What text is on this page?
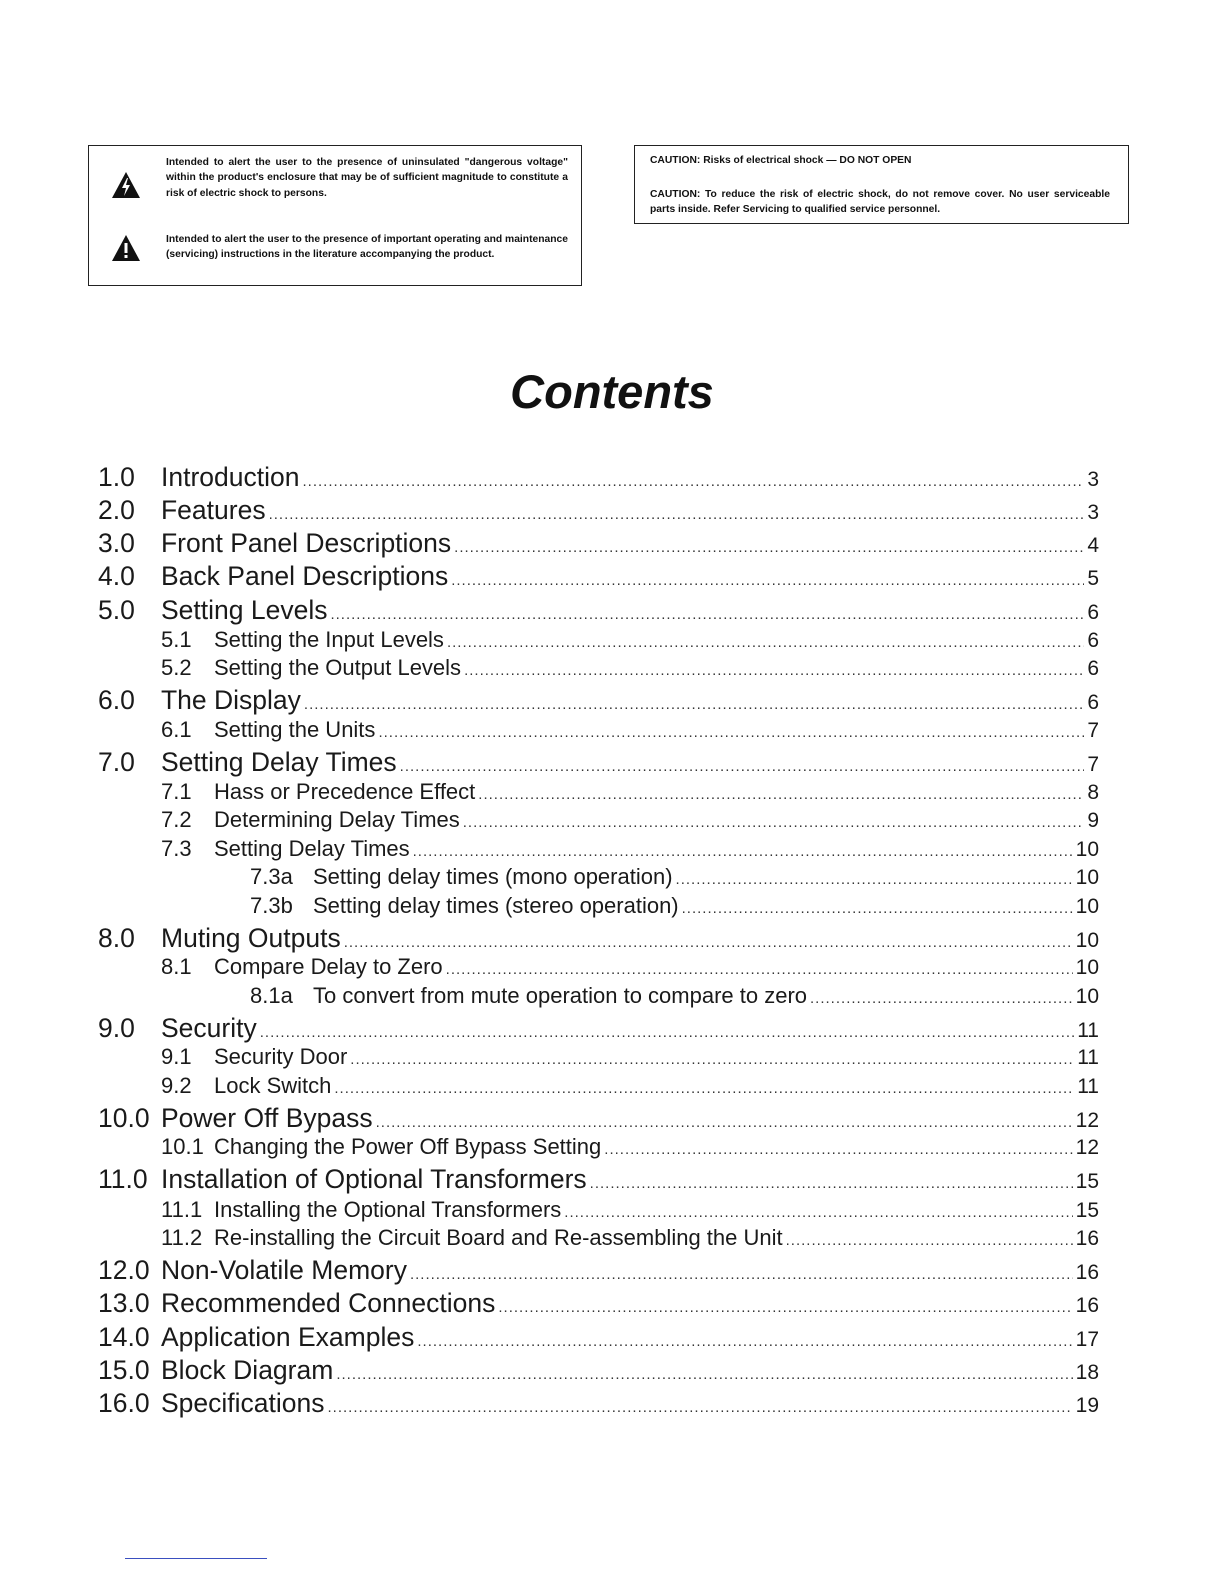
Intended to alert the user to the presence of uninsulated "dangerous voltage" within the product's enclosure that may be of sufficient magnitude to constitute a risk of electric shock to persons.
Intended to alert the user to the presence of important operating and maintenance (servicing) instructions in the literature accompanying the product.
CAUTION: Risks of electrical shock — DO NOT OPEN
CAUTION: To reduce the risk of electric shock, do not remove cover. No user serviceable parts inside. Refer Servicing to qualified service personnel.
Contents
1.0 Introduction .....	3
2.0 Features .....	3
3.0 Front Panel Descriptions .....	4
4.0 Back Panel Descriptions .....	5
5.0 Setting Levels .....	6
5.1	Setting the Input Levels .....	6
5.2	Setting the Output Levels .....	6
6.0 The Display .....	6
6.1	Setting the Units .....	7
7.0 Setting Delay Times .....	7
7.1	Hass or Precedence Effect .....	8
7.2	Determining Delay Times .....	9
7.3	Setting Delay Times .....	10
7.3a Setting delay times (mono operation) .....	10
7.3b Setting delay times (stereo operation) .....	10
8.0 Muting Outputs .....	10
8.1	Compare Delay to Zero .....	10
8.1a To convert from mute operation to compare to zero .....	10
9.0 Security .....	11
9.1	Security Door .....	11
9.2	Lock Switch .....	11
10.0 Power Off Bypass .....	12
10.1 Changing the Power Off Bypass Setting .....	12
11.0 Installation of Optional Transformers .....	15
11.1 Installing the Optional Transformers .....	15
11.2 Re-installing the Circuit Board and Re-assembling the Unit .....	16
12.0 Non-Volatile Memory .....	16
13.0 Recommended Connections .....	16
14.0 Application Examples .....	17
15.0 Block Diagram .....	18
16.0 Specifications .....	19
